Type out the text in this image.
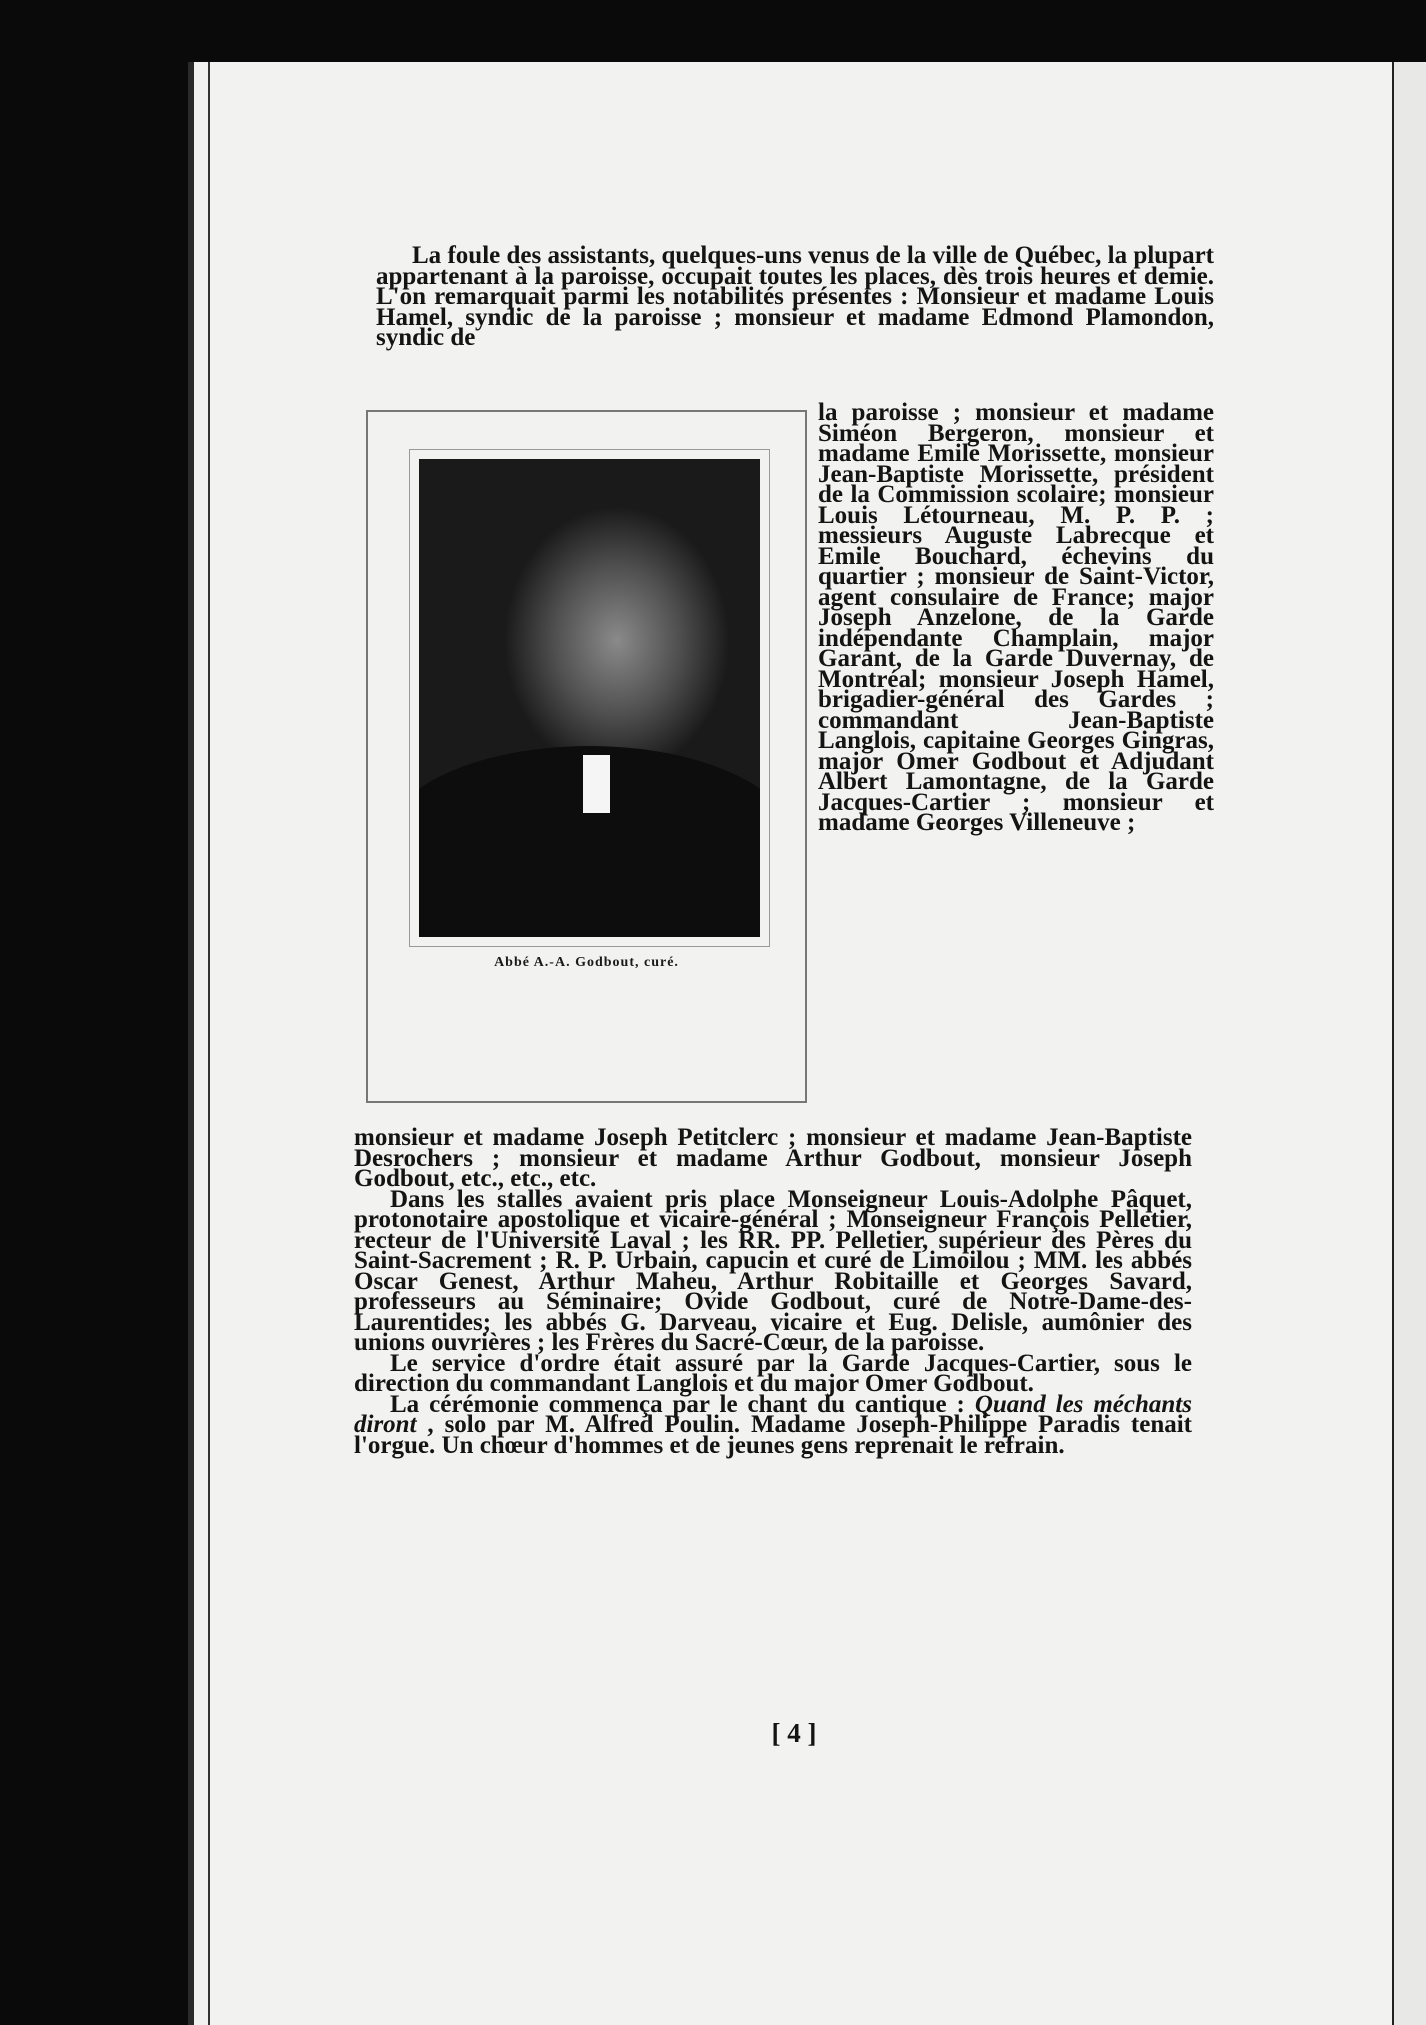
La foule des assistants, quelques-uns venus de la ville de Québec, la plupart appartenant à la paroisse, occupait toutes les places, dès trois heures et demie. L'on remarquait parmi les notabilités présentes : Monsieur et madame Louis Hamel, syndic de la paroisse ; monsieur et madame Edmond Plamondon, syndic de

Abbé A.-A. Godbout, curé.

la paroisse ; monsieur et madame Siméon Bergeron, monsieur et madame Emile Morissette, monsieur Jean-Baptiste Morissette, président de la Commission scolaire; monsieur Louis Létourneau, M. P. P. ; messieurs Auguste Labrecque et Emile Bouchard, échevins du quartier ; monsieur de Saint-Victor, agent consulaire de France; major Joseph Anzelone, de la Garde indépendante Champlain, major Garant, de la Garde Duvernay, de Montréal; monsieur Joseph Hamel, brigadier-général des Gardes ; commandant Jean-Baptiste Langlois, capitaine Georges Gingras, major Omer Godbout et Adjudant Albert Lamontagne, de la Garde Jacques-Cartier ; monsieur et madame Georges Villeneuve ;

monsieur et madame Joseph Petitclerc ; monsieur et madame Jean-Baptiste Desrochers ; monsieur et madame Arthur Godbout, monsieur Joseph Godbout, etc., etc., etc.

Dans les stalles avaient pris place Monseigneur Louis-Adolphe Pâquet, protonotaire apostolique et vicaire-général ; Monseigneur François Pelletier, recteur de l'Université Laval ; les RR. PP. Pelletier, supérieur des Pères du Saint-Sacrement ; R. P. Urbain, capucin et curé de Limoilou ; MM. les abbés Oscar Genest, Arthur Maheu, Arthur Robitaille et Georges Savard, professeurs au Séminaire; Ovide Godbout, curé de Notre-Dame-des-Laurentides; les abbés G. Darveau, vicaire et Eug. Delisle, aumônier des unions ouvrières ; les Frères du Sacré-Cœur, de la paroisse.

Le service d'ordre était assuré par la Garde Jacques-Cartier, sous le direction du commandant Langlois et du major Omer Godbout.

La cérémonie commença par le chant du cantique : Quand les méchants diront , solo par M. Alfred Poulin. Madame Joseph-Philippe Paradis tenait l'orgue. Un chœur d'hommes et de jeunes gens reprenait le refrain.

[ 4 ]
